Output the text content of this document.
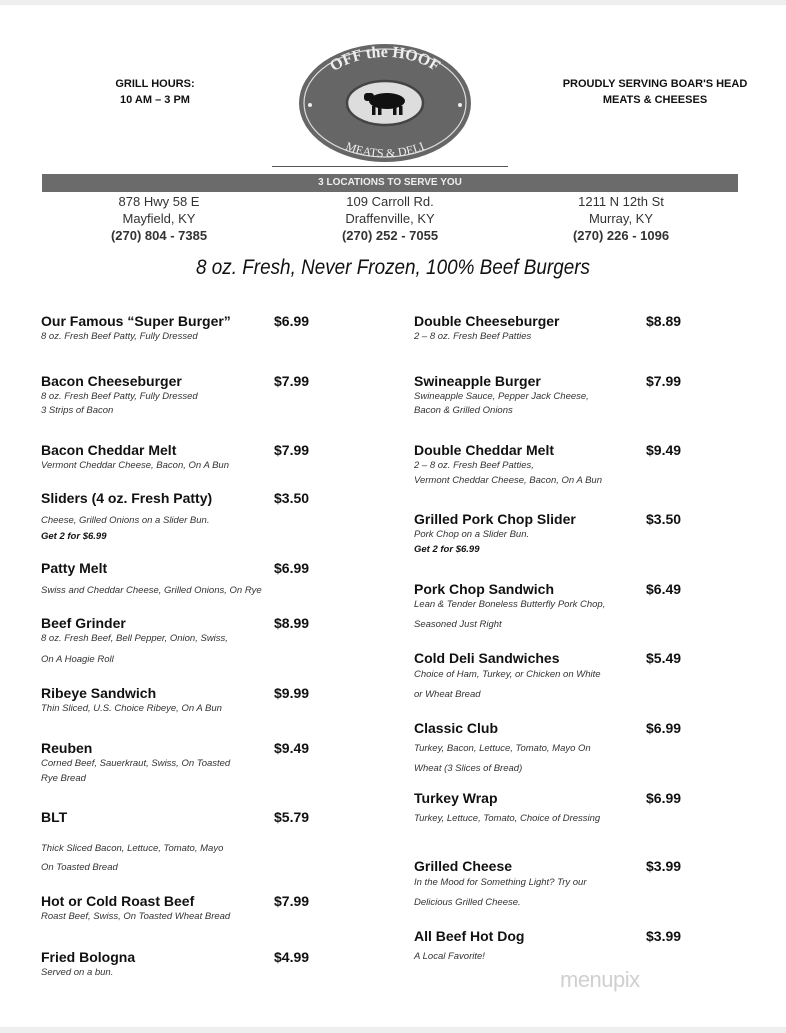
GRILL HOURS:
10 AM – 3 PM
PROUDLY SERVING BOAR'S HEAD
MEATS & CHEESES
OFF the HOOF
MEATS & DELI
3 LOCATIONS TO SERVE YOU
878 Hwy 58 E
Mayfield, KY
(270) 804 - 7385
109 Carroll Rd.
Draffenville, KY
(270) 252 - 7055
1211 N 12th St
Murray, KY
(270) 226 - 1096
8 oz. Fresh, Never Frozen, 100% Beef Burgers
Our Famous “Super Burger”	$6.99
8 oz. Fresh Beef Patty, Fully Dressed
Bacon Cheeseburger	$7.99
8 oz. Fresh Beef Patty, Fully Dressed
3 Strips of Bacon
Bacon Cheddar Melt	$7.99
Vermont Cheddar Cheese, Bacon, On A Bun
Sliders (4 oz. Fresh Patty)	$3.50
Cheese, Grilled Onions on a Slider Bun.
Get 2 for $6.99
Patty Melt	$6.99
Swiss and Cheddar Cheese, Grilled Onions, On Rye
Beef Grinder	$8.99
8 oz. Fresh Beef, Bell Pepper, Onion, Swiss,
On A Hoagie Roll
Ribeye Sandwich	$9.99
Thin Sliced, U.S. Choice Ribeye, On A Bun
Reuben	$9.49
Corned Beef, Sauerkraut, Swiss, On Toasted
Rye Bread
BLT	$5.79
Thick Sliced Bacon, Lettuce, Tomato, Mayo
On Toasted Bread
Hot or Cold Roast Beef	$7.99
Roast Beef, Swiss, On Toasted Wheat Bread
Fried Bologna	$4.99
Served on a bun.
Double Cheeseburger	$8.89
2 – 8 oz. Fresh Beef Patties
Swineapple Burger	$7.99
Swineapple Sauce, Pepper Jack Cheese,
Bacon & Grilled Onions
Double Cheddar Melt	$9.49
2 – 8 oz. Fresh Beef Patties,
Vermont Cheddar Cheese, Bacon, On A Bun
Grilled Pork Chop Slider	$3.50
Pork Chop on a Slider Bun.
Get 2 for $6.99
Pork Chop Sandwich	$6.49
Lean & Tender Boneless Butterfly Pork Chop,
Seasoned Just Right
Cold Deli Sandwiches	$5.49
Choice of Ham, Turkey, or Chicken on White
or Wheat Bread
Classic Club	$6.99
Turkey, Bacon, Lettuce, Tomato, Mayo On
Wheat (3 Slices of Bread)
Turkey Wrap	$6.99
Turkey, Lettuce, Tomato, Choice of Dressing
Grilled Cheese	$3.99
In the Mood for Something Light? Try our
Delicious Grilled Cheese.
All Beef Hot Dog	$3.99
A Local Favorite!
menupix
